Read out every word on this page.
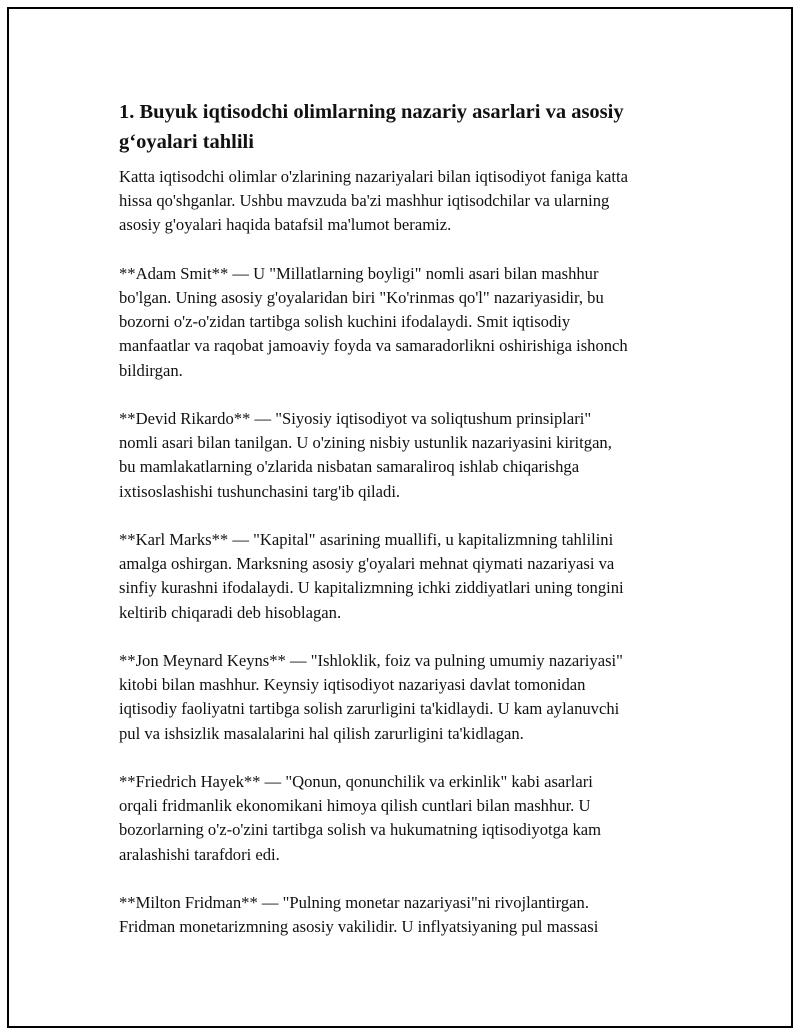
1. Buyuk iqtisodchi olimlarning nazariy asarlari va asosiy g‘oyalari tahlili

Katta iqtisodchi olimlar o'zlarining nazariyalari bilan iqtisodiyot faniga katta
hissa qo'shganlar. Ushbu mavzuda ba'zi mashhur iqtisodchilar va ularning
asosiy g'oyalari haqida batafsil ma'lumot beramiz.

**Adam Smit** — U "Millatlarning boyligi" nomli asari bilan mashhur
bo'lgan. Uning asosiy g'oyalaridan biri "Ko'rinmas qo'l" nazariyasidir, bu
bozorni o'z-o'zidan tartibga solish kuchini ifodalaydi. Smit iqtisodiy
manfaatlar va raqobat jamoaviy foyda va samaradorlikni oshirishiga ishonch
bildirgan.

**Devid Rikardo** — "Siyosiy iqtisodiyot va soliqtushum prinsiplari"
nomli asari bilan tanilgan. U o'zining nisbiy ustunlik nazariyasini kiritgan,
bu mamlakatlarning o'zlarida nisbatan samaraliroq ishlab chiqarishga
ixtisoslashishi tushunchasini targ'ib qiladi.

**Karl Marks** — "Kapital" asarining muallifi, u kapitalizmning tahlilini
amalga oshirgan. Marksning asosiy g'oyalari mehnat qiymati nazariyasi va
sinfiy kurashni ifodalaydi. U kapitalizmning ichki ziddiyatlari uning tongini
keltirib chiqaradi deb hisoblagan.

**Jon Meynard Keyns** — "Ishloklik, foiz va pulning umumiy nazariyasi"
kitobi bilan mashhur. Keynsiy iqtisodiyot nazariyasi davlat tomonidan
iqtisodiy faoliyatni tartibga solish zarurligini ta'kidlaydi. U kam aylanuvchi
pul va ishsizlik masalalarini hal qilish zarurligini ta'kidlagan.

**Friedrich Hayek** — "Qonun, qonunchilik va erkinlik" kabi asarlari
orqali fridmanlik ekonomikani himoya qilish cuntlari bilan mashhur. U
bozorlarning o'z-o'zini tartibga solish va hukumatning iqtisodiyotga kam
aralashishi tarafdori edi.

**Milton Fridman** — "Pulning monetar nazariyasi"ni rivojlantirgan.
Fridman monetarizmning asosiy vakilidir. U inflyatsiyaning pul massasi
